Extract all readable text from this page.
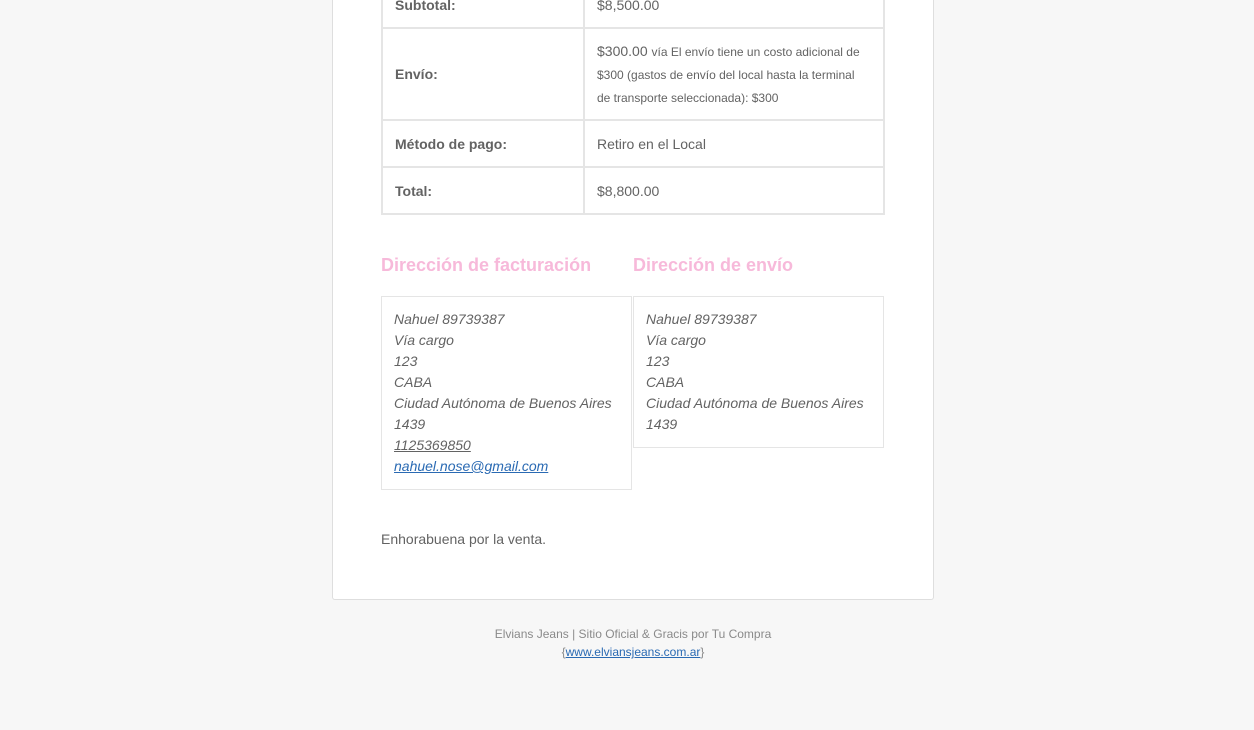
Subtotal:	$8,500.00
Envío:	$300.00 vía El envío tiene un costo adicional de $300 (gastos de envío del local hasta la terminal de transporte seleccionada): $300
Método de pago:	Retiro en el Local
Total:	$8,800.00
Dirección de facturación Dirección de envío
Nahuel 89739387
Vía cargo
123
CABA
Ciudad Autónoma de Buenos Aires
1439
1125369850
nahuel.nose@gmail.com
Nahuel 89739387
Vía cargo
123
CABA
Ciudad Autónoma de Buenos Aires
1439

Enhorabuena por la venta.

Elvians Jeans | Sitio Oficial & Gracis por Tu Compra
{www.elviansjeans.com.ar}
